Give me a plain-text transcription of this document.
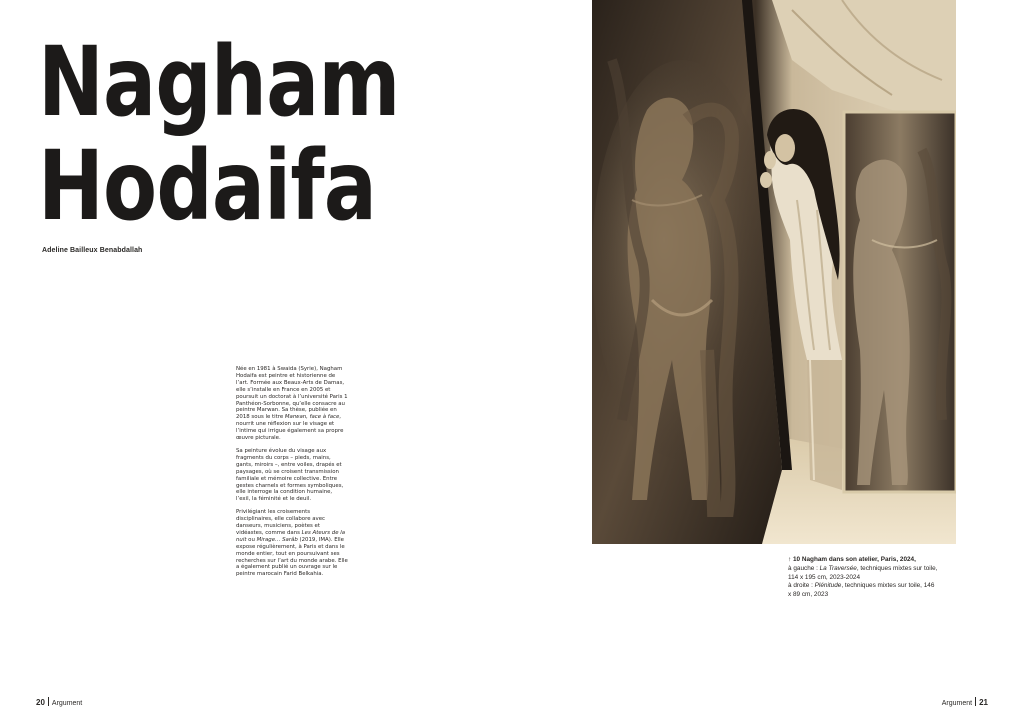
Nagham
Hodaifa
Adeline Bailleux Benabdallah

Née en 1981 à Swaida (Syrie), Nagham Hodaifa est peintre et historienne de l’art. Formée aux Beaux-Arts de Damas, elle s’installe en France en 2005 et poursuit un doctorat à l’université Paris 1 Panthéon-Sorbonne, qu’elle consacre au peintre Marwan. Sa thèse, publiée en 2018 sous le titre Marwan, face à face, nourrit une réflexion sur le visage et l’intime qui irrigue également sa propre œuvre picturale.

Sa peinture évolue du visage aux fragments du corps – pieds, mains, gants, miroirs –, entre voiles, drapés et paysages, où se croisent transmission familiale et mémoire collective. Entre gestes charnels et formes symboliques, elle interroge la condition humaine, l’exil, la féminité et le deuil.

Privilégiant les croisements disciplinaires, elle collabore avec danseurs, musiciens, poètes et vidéastes, comme dans Les Ateurs de la nuit ou Mirage… Sarâb (2019, IMA). Elle expose régulièrement, à Paris et dans le monde entier, tout en poursuivant ses recherches sur l’art du monde arabe. Elle a également publié un ouvrage sur le peintre marocain Farid Belkahia.

20 Argument

↑ 10 Nagham dans son atelier, Paris, 2024,

à gauche : La Traversée, techniques mixtes sur toile, 114 x 195 cm, 2023-2024

à droite : Plénitude, techniques mixtes sur toile, 146 x 89 cm, 2023

Argument 21
